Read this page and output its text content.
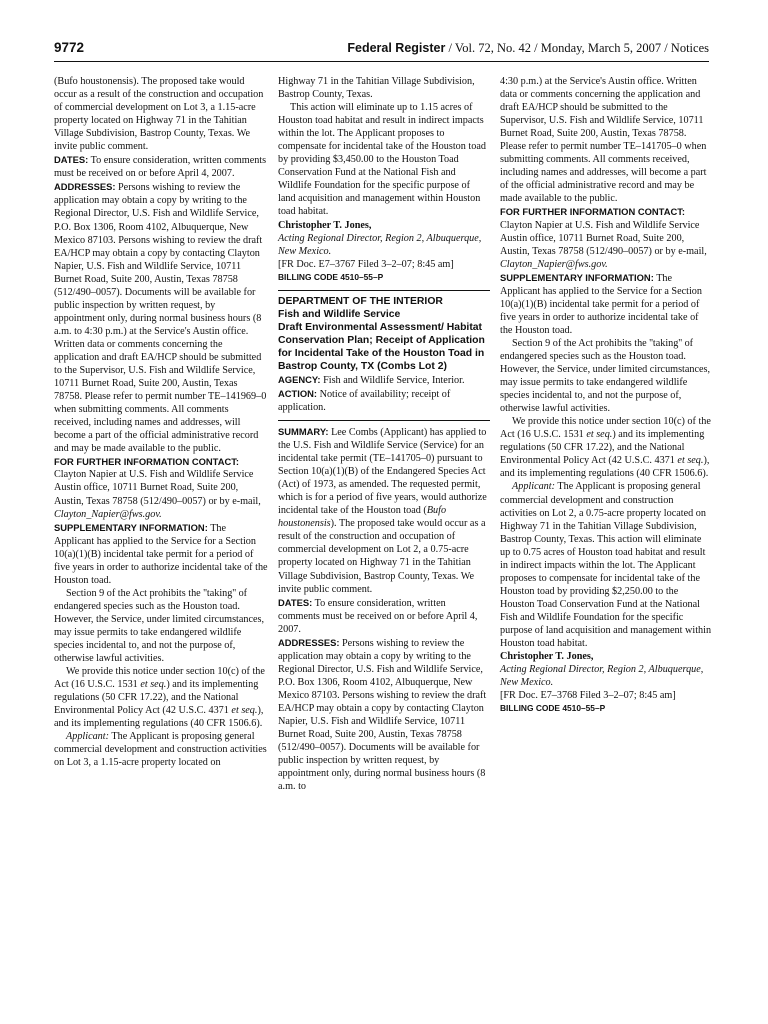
9772	Federal Register / Vol. 72, No. 42 / Monday, March 5, 2007 / Notices

(Bufo houstonensis). The proposed take would occur as a result of the construction and occupation of commercial development on Lot 3, a 1.15-acre property located on Highway 71 in the Tahitian Village Subdivision, Bastrop County, Texas. We invite public comment.

DATES: To ensure consideration, written comments must be received on or before April 4, 2007.

ADDRESSES: Persons wishing to review the application may obtain a copy by writing to the Regional Director, U.S. Fish and Wildlife Service, P.O. Box 1306, Room 4102, Albuquerque, New Mexico 87103. Persons wishing to review the draft EA/HCP may obtain a copy by contacting Clayton Napier, U.S. Fish and Wildlife Service, 10711 Burnet Road, Suite 200, Austin, Texas 78758 (512/490–0057). Documents will be available for public inspection by written request, by appointment only, during normal business hours (8 a.m. to 4:30 p.m.) at the Service's Austin office. Written data or comments concerning the application and draft EA/HCP should be submitted to the Supervisor, U.S. Fish and Wildlife Service, 10711 Burnet Road, Suite 200, Austin, Texas 78758. Please refer to permit number TE–141969–0 when submitting comments. All comments received, including names and addresses, will become a part of the official administrative record and may be made available to the public.

FOR FURTHER INFORMATION CONTACT:

Clayton Napier at U.S. Fish and Wildlife Service Austin office, 10711 Burnet Road, Suite 200, Austin, Texas 78758 (512/490–0057) or by e-mail,
Clayton_Napier@fws.gov.

SUPPLEMENTARY INFORMATION: The Applicant has applied to the Service for a Section 10(a)(1)(B) incidental take permit for a period of five years in order to authorize incidental take of the Houston toad.

Section 9 of the Act prohibits the ''taking'' of endangered species such as the Houston toad. However, the Service, under limited circumstances, may issue permits to take endangered wildlife species incidental to, and not the purpose of, otherwise lawful activities.

We provide this notice under section 10(c) of the Act (16 U.S.C. 1531 et seq.) and its implementing regulations (50 CFR 17.22), and the National Environmental Policy Act (42 U.S.C. 4371 et seq.), and its implementing regulations (40 CFR 1506.6).

Applicant: The Applicant is proposing general commercial development and construction activities on Lot 3, a 1.15-acre property located on

Highway 71 in the Tahitian Village Subdivision, Bastrop County, Texas.

This action will eliminate up to 1.15 acres of Houston toad habitat and result in indirect impacts within the lot. The Applicant proposes to compensate for incidental take of the Houston toad by providing $3,450.00 to the Houston Toad Conservation Fund at the National Fish and Wildlife Foundation for the specific purpose of land acquisition and management within Houston toad habitat.

Christopher T. Jones,

Acting Regional Director, Region 2, Albuquerque, New Mexico.

[FR Doc. E7–3767 Filed 3–2–07; 8:45 am]

BILLING CODE 4510–55–P

DEPARTMENT OF THE INTERIOR

Fish and Wildlife Service

Draft Environmental Assessment/ Habitat Conservation Plan; Receipt of Application for Incidental Take of the Houston Toad in Bastrop County, TX (Combs Lot 2)

AGENCY: Fish and Wildlife Service, Interior.

ACTION: Notice of availability; receipt of application.

SUMMARY: Lee Combs (Applicant) has applied to the U.S. Fish and Wildlife Service (Service) for an incidental take permit (TE–141705–0) pursuant to Section 10(a)(1)(B) of the Endangered Species Act (Act) of 1973, as amended. The requested permit, which is for a period of five years, would authorize incidental take of the Houston toad (Bufo houstonensis). The proposed take would occur as a result of the construction and occupation of commercial development on Lot 2, a 0.75-acre property located on Highway 71 in the Tahitian Village Subdivision, Bastrop County, Texas. We invite public comment.

DATES: To ensure consideration, written comments must be received on or before April 4, 2007.

ADDRESSES: Persons wishing to review the application may obtain a copy by writing to the Regional Director, U.S. Fish and Wildlife Service, P.O. Box 1306, Room 4102, Albuquerque, New Mexico 87103. Persons wishing to review the draft EA/HCP may obtain a copy by contacting Clayton Napier, U.S. Fish and Wildlife Service, 10711 Burnet Road, Suite 200, Austin, Texas 78758 (512/490–0057). Documents will be available for public inspection by written request, by appointment only, during normal business hours (8 a.m. to

4:30 p.m.) at the Service's Austin office. Written data or comments concerning the application and draft EA/HCP should be submitted to the Supervisor, U.S. Fish and Wildlife Service, 10711 Burnet Road, Suite 200, Austin, Texas 78758. Please refer to permit number TE–141705–0 when submitting comments. All comments received, including names and addresses, will become a part of the official administrative record and may be made available to the public.

FOR FURTHER INFORMATION CONTACT:

Clayton Napier at U.S. Fish and Wildlife Service Austin office, 10711 Burnet Road, Suite 200, Austin, Texas 78758 (512/490–0057) or by e-mail,
Clayton_Napier@fws.gov.

SUPPLEMENTARY INFORMATION: The Applicant has applied to the Service for a Section 10(a)(1)(B) incidental take permit for a period of five years in order to authorize incidental take of the Houston toad.

Section 9 of the Act prohibits the ''taking'' of endangered species such as the Houston toad. However, the Service, under limited circumstances, may issue permits to take endangered wildlife species incidental to, and not the purpose of, otherwise lawful activities.

We provide this notice under section 10(c) of the Act (16 U.S.C. 1531 et seq.) and its implementing regulations (50 CFR 17.22), and the National Environmental Policy Act (42 U.S.C. 4371 et seq.), and its implementing regulations (40 CFR 1506.6).

Applicant: The Applicant is proposing general commercial development and construction activities on Lot 2, a 0.75-acre property located on Highway 71 in the Tahitian Village Subdivision, Bastrop County, Texas. This action will eliminate up to 0.75 acres of Houston toad habitat and result in indirect impacts within the lot. The Applicant proposes to compensate for incidental take of the Houston toad by providing $2,250.00 to the Houston Toad Conservation Fund at the National Fish and Wildlife Foundation for the specific purpose of land acquisition and management within Houston toad habitat.

Christopher T. Jones,

Acting Regional Director, Region 2, Albuquerque, New Mexico.

[FR Doc. E7–3768 Filed 3–2–07; 8:45 am]

BILLING CODE 4510–55–P
